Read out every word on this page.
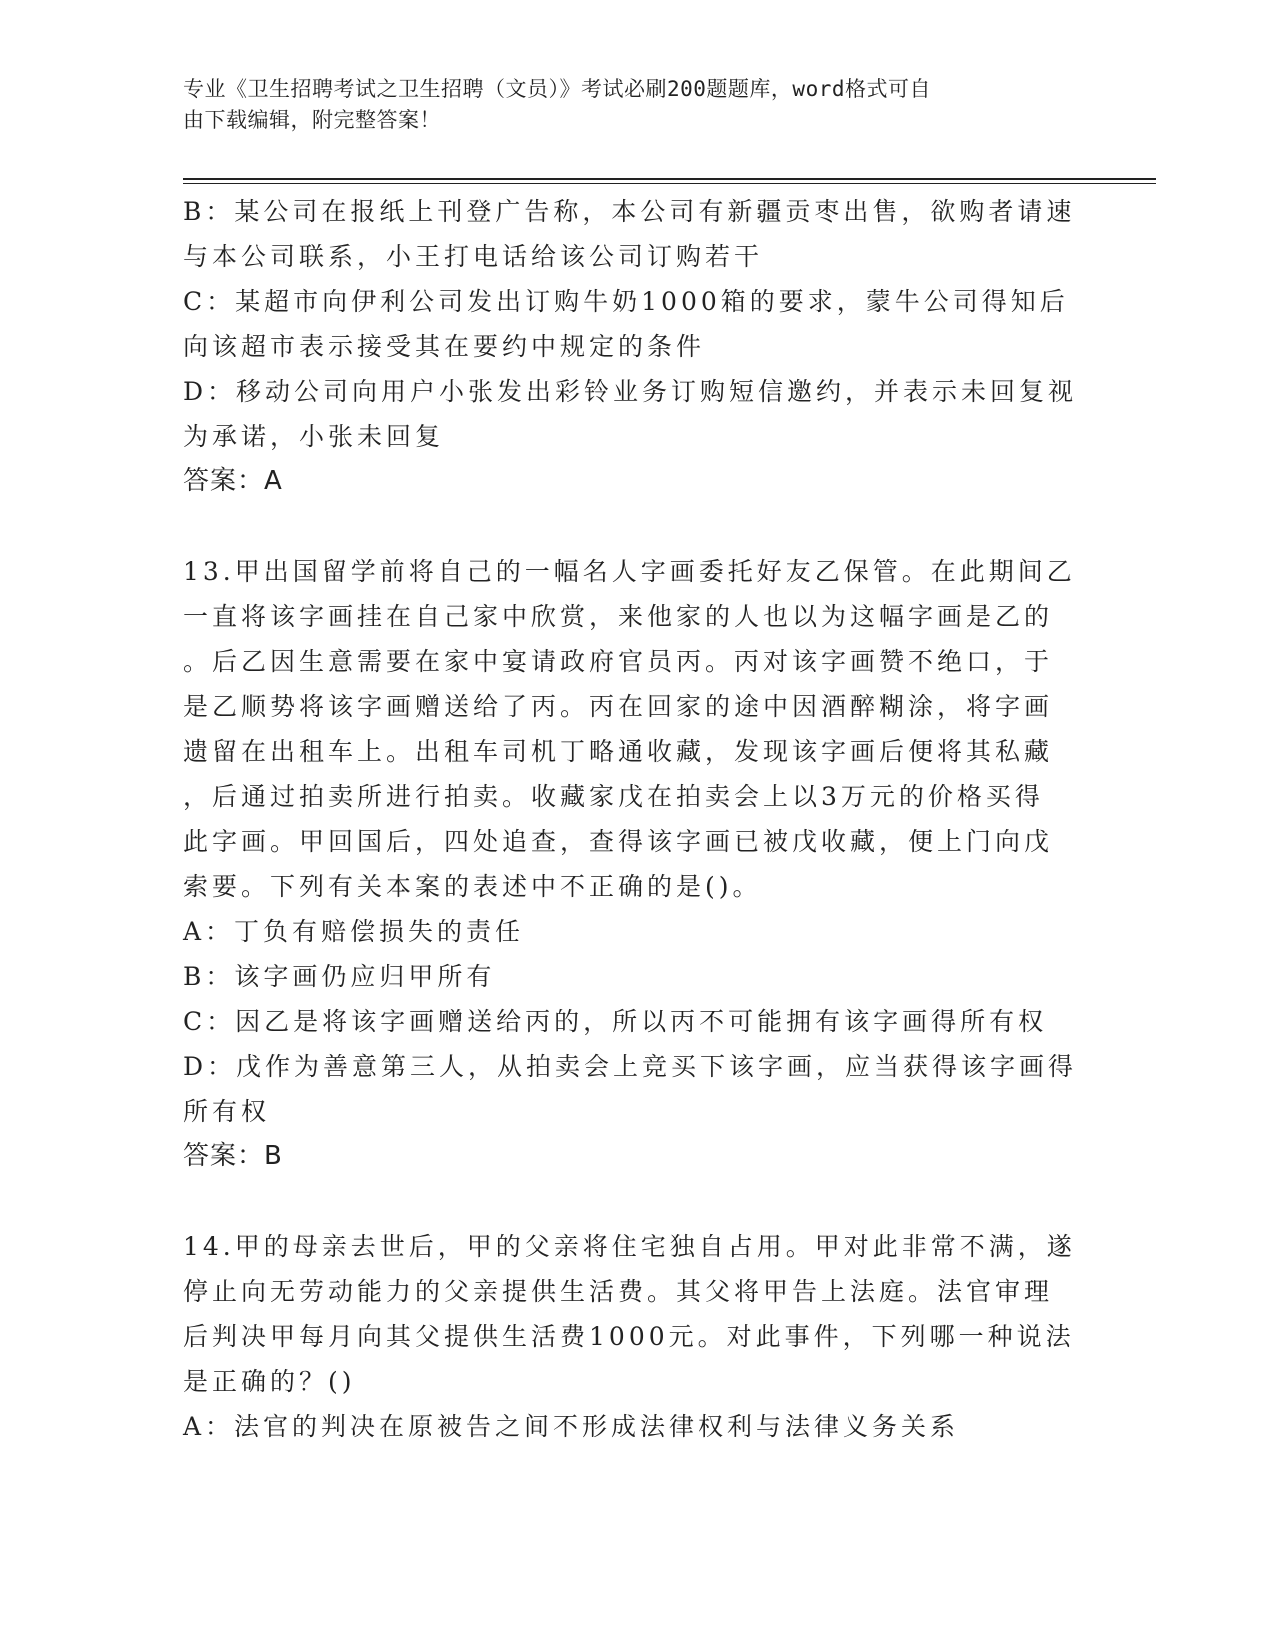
专业《卫生招聘考试之卫生招聘（文员）》考试必刷200题题库，word格式可自
由下载编辑，附完整答案！
B：某公司在报纸上刊登广告称，本公司有新疆贡枣出售，欲购者请速
与本公司联系，小王打电话给该公司订购若干
C：某超市向伊利公司发出订购牛奶1000箱的要求，蒙牛公司得知后
向该超市表示接受其在要约中规定的条件
D：移动公司向用户小张发出彩铃业务订购短信邀约，并表示未回复视
为承诺，小张未回复
答案：A
13.甲出国留学前将自己的一幅名人字画委托好友乙保管。在此期间乙
一直将该字画挂在自己家中欣赏，来他家的人也以为这幅字画是乙的
。后乙因生意需要在家中宴请政府官员丙。丙对该字画赞不绝口，于
是乙顺势将该字画赠送给了丙。丙在回家的途中因酒醉糊涂，将字画
遗留在出租车上。出租车司机丁略通收藏，发现该字画后便将其私藏
，后通过拍卖所进行拍卖。收藏家戊在拍卖会上以3万元的价格买得
此字画。甲回国后，四处追查，查得该字画已被戊收藏，便上门向戊
索要。下列有关本案的表述中不正确的是()。
A：丁负有赔偿损失的责任
B：该字画仍应归甲所有
C：因乙是将该字画赠送给丙的，所以丙不可能拥有该字画得所有权
D：戊作为善意第三人，从拍卖会上竞买下该字画，应当获得该字画得
所有权
答案：B
14.甲的母亲去世后，甲的父亲将住宅独自占用。甲对此非常不满，遂
停止向无劳动能力的父亲提供生活费。其父将甲告上法庭。法官审理
后判决甲每月向其父提供生活费1000元。对此事件，下列哪一种说法
是正确的？()
A：法官的判决在原被告之间不形成法律权利与法律义务关系
